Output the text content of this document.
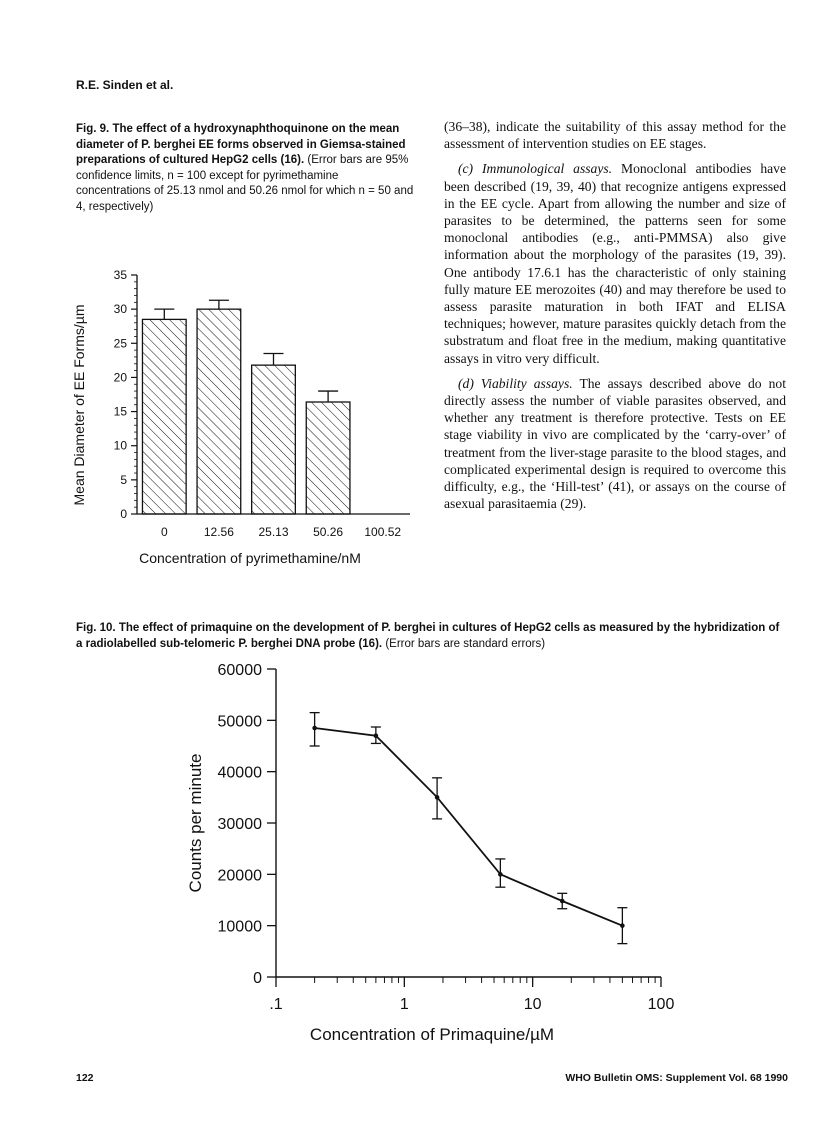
R.E. Sinden et al.
Fig. 9. The effect of a hydroxynaphthoquinone on the mean diameter of P. berghei EE forms observed in Giemsa-stained preparations of cultured HepG2 cells (16). (Error bars are 95% confidence limits, n = 100 except for pyrimethamine concentrations of 25.13 nmol and 50.26 nmol for which n = 50 and 4, respectively)

(36–38), indicate the suitability of this assay method for the assessment of intervention studies on EE stages.

(c) Immunological assays. Monoclonal antibodies have been described (19, 39, 40) that recognize antigens expressed in the EE cycle. Apart from allowing the number and size of parasites to be determined, the patterns seen for some monoclonal antibodies (e.g., anti-PMMSA) also give information about the morphology of the parasites (19, 39). One antibody 17.6.1 has the characteristic of only staining fully mature EE merozoites (40) and may therefore be used to assess parasite maturation in both IFAT and ELISA techniques; however, mature parasites quickly detach from the substratum and float free in the medium, making quantitative assays in vitro very difficult.

(d) Viability assays. The assays described above do not directly assess the number of viable parasites observed, and whether any treatment is therefore protective. Tests on EE stage viability in vivo are complicated by the ‘carry-over’ of treatment from the liver-stage parasite to the blood stages, and complicated experimental design is required to overcome this difficulty, e.g., the ‘Hill-test’ (41), or assays on the course of asexual parasitaemia (29).

0	12.56 25.13 50.26 100.52
0
5
10
15
20
25
30
35
Mean Diameter of EE Forms/µm
Concentration of pyrimethamine/nM
Fig. 10. The effect of primaquine on the development of P. berghei in cultures of HepG2 cells as measured by the hybridization of a radiolabelled sub-telomeric P. berghei DNA probe (16). (Error bars are standard errors)
0
10000
20000
30000
40000
50000
60000
.1	1	10	100
Counts per minute
Concentration of Primaquine/µM
122	WHO Bulletin OMS: Supplement Vol. 68 1990
